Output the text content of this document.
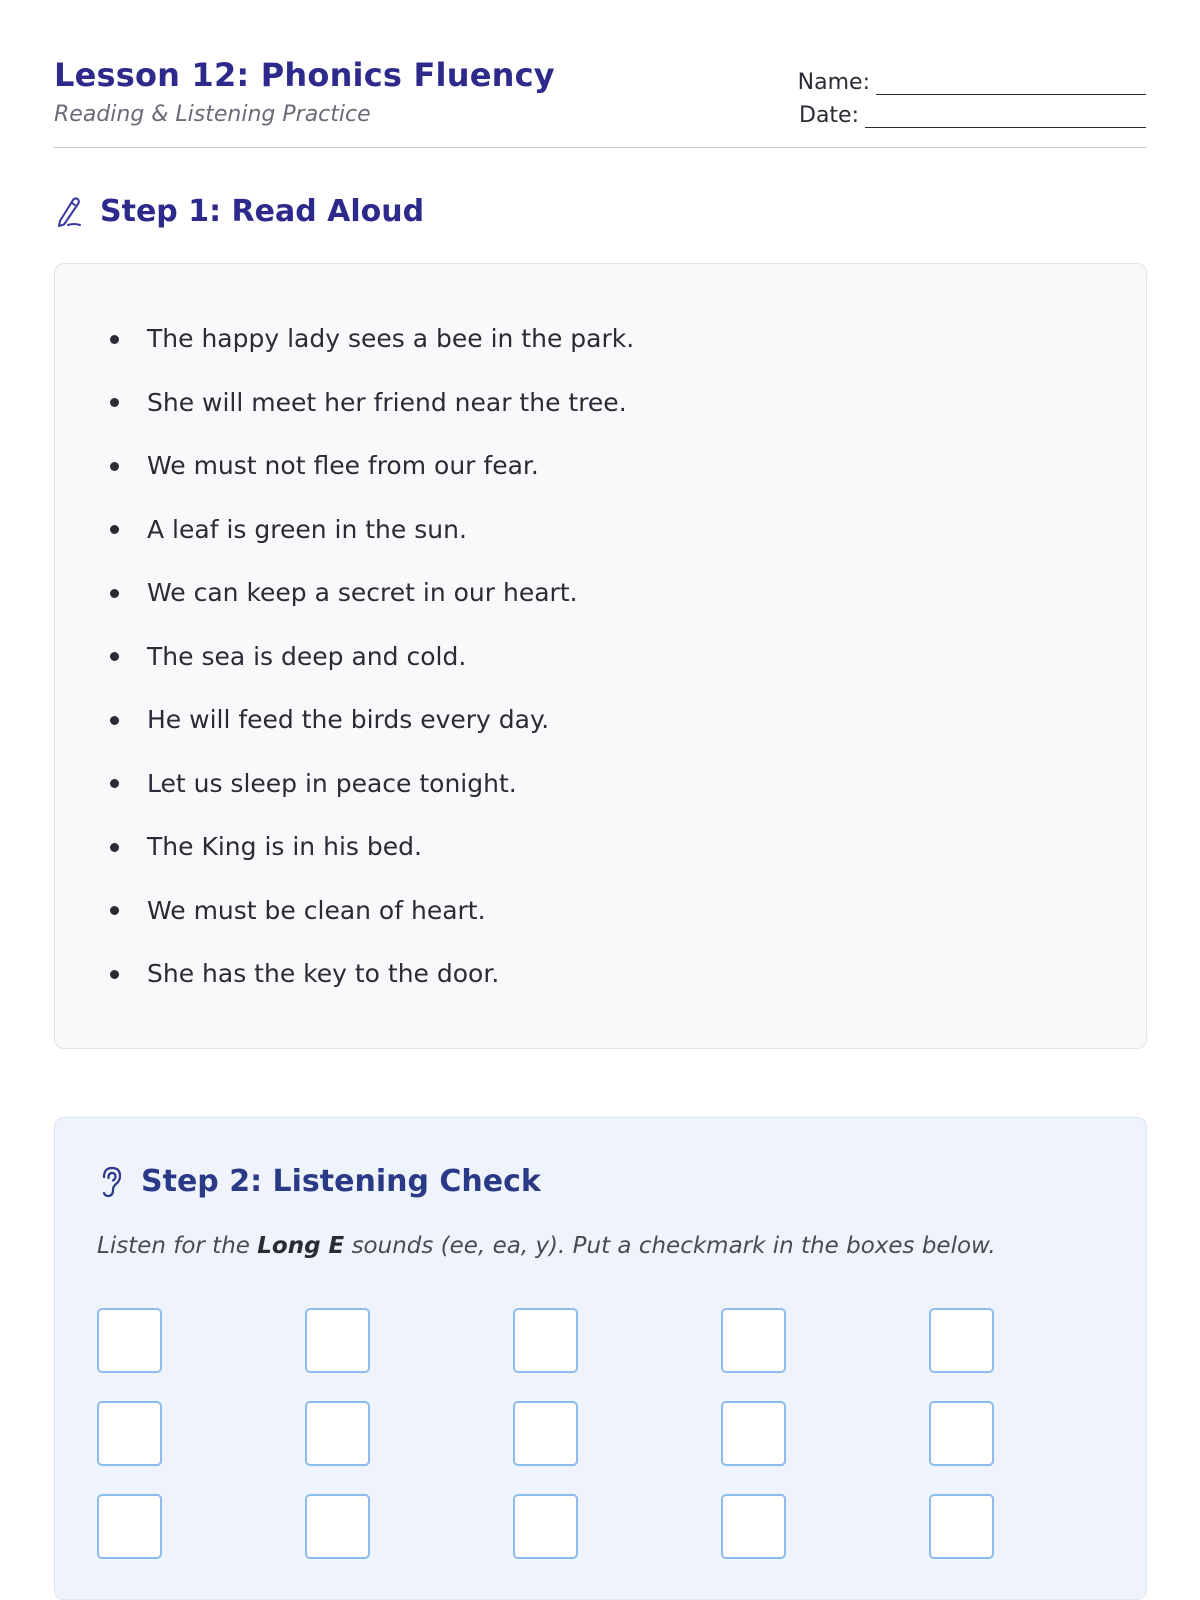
Lesson 12: Phonics Fluency
Reading & Listening Practice
Name:
Date:
Step 1: Read Aloud
The happy lady sees a bee in the park.
She will meet her friend near the tree.
We must not flee from our fear.
A leaf is green in the sun.
We can keep a secret in our heart.
The sea is deep and cold.
He will feed the birds every day.
Let us sleep in peace tonight.
The King is in his bed.
We must be clean of heart.
She has the key to the door.
Step 2: Listening Check
Listen for the Long E sounds (ee, ea, y). Put a checkmark in the boxes below.
